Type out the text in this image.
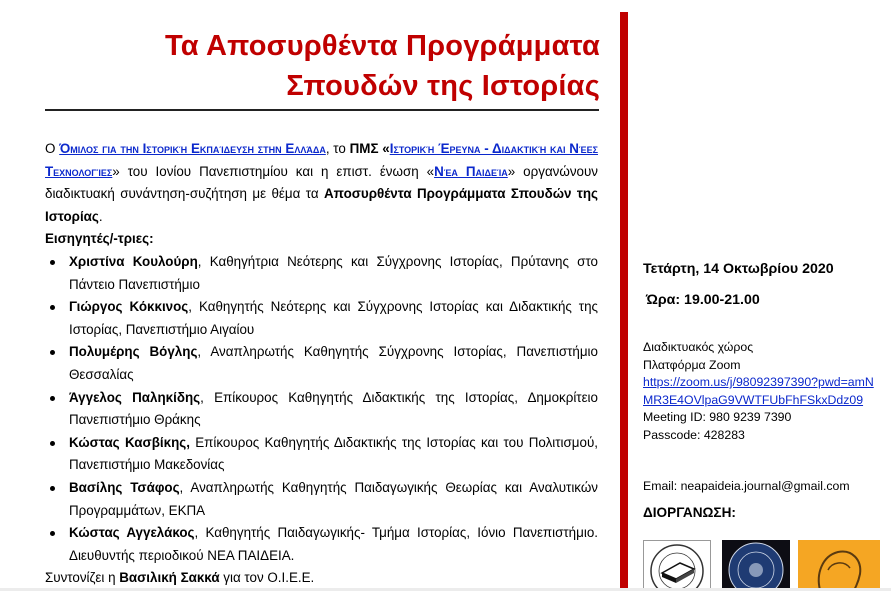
Τα Αποσυρθέντα Προγράμματα
Σπουδών της Ιστορίας
Ο Όμιλος για την Ιστορική Εκπαίδευση στην Ελλάδα, το ΠΜΣ «Ιστορική Έρευνα - Διδακτική και Νέες Τεχνολογίες» του Ιονίου Πανεπιστημίου και η επιστ. ένωση «Νέα Παιδεία» οργανώνουν διαδικτυακή συνάντηση-συζήτηση με θέμα τα Αποσυρθέντα Προγράμματα Σπουδών της Ιστορίας.
Εισηγητές/-τριες:
Χριστίνα Κουλούρη, Καθηγήτρια Νεότερης και Σύγχρονης Ιστορίας, Πρύτανης στο Πάντειο Πανεπιστήμιο
Γιώργος Κόκκινος, Καθηγητής Νεότερης και Σύγχρονης Ιστορίας και Διδακτικής της Ιστορίας, Πανεπιστήμιο Αιγαίου
Πολυμέρης Βόγλης, Αναπληρωτής Καθηγητής Σύγχρονης Ιστορίας, Πανεπιστήμιο Θεσσαλίας
Άγγελος Παληκίδης, Επίκουρος Καθηγητής Διδακτικής της Ιστορίας, Δημοκρίτειο Πανεπιστήμιο Θράκης
Κώστας Κασβίκης, Επίκουρος Καθηγητής Διδακτικής της Ιστορίας και του Πολιτισμού, Πανεπιστήμιο Μακεδονίας
Βασίλης Τσάφος, Αναπληρωτής Καθηγητής Παιδαγωγικής Θεωρίας και Αναλυτικών Προγραμμάτων, ΕΚΠΑ
Κώστας Αγγελάκος, Καθηγητής Παιδαγωγικής- Τμήμα Ιστορίας, Ιόνιο Πανεπιστήμιο. Διευθυντής περιοδικού ΝΕΑ ΠΑΙΔΕΙΑ.
Συντονίζει η Βασιλική Σακκά για τον Ο.Ι.Ε.Ε.
Τετάρτη, 14 Οκτωβρίου 2020
Ώρα: 19.00-21.00
Διαδικτυακός χώρος
Πλατφόρμα Zoom
https://zoom.us/j/98092397390?pwd=amNMR3E4OVlpaG9VWTFUbFhFSkxDdz09
Meeting ID: 980 9239 7390
Passcode: 428283
Email: neapaideia.journal@gmail.com
ΔΙΟΡΓΑΝΩΣΗ:
